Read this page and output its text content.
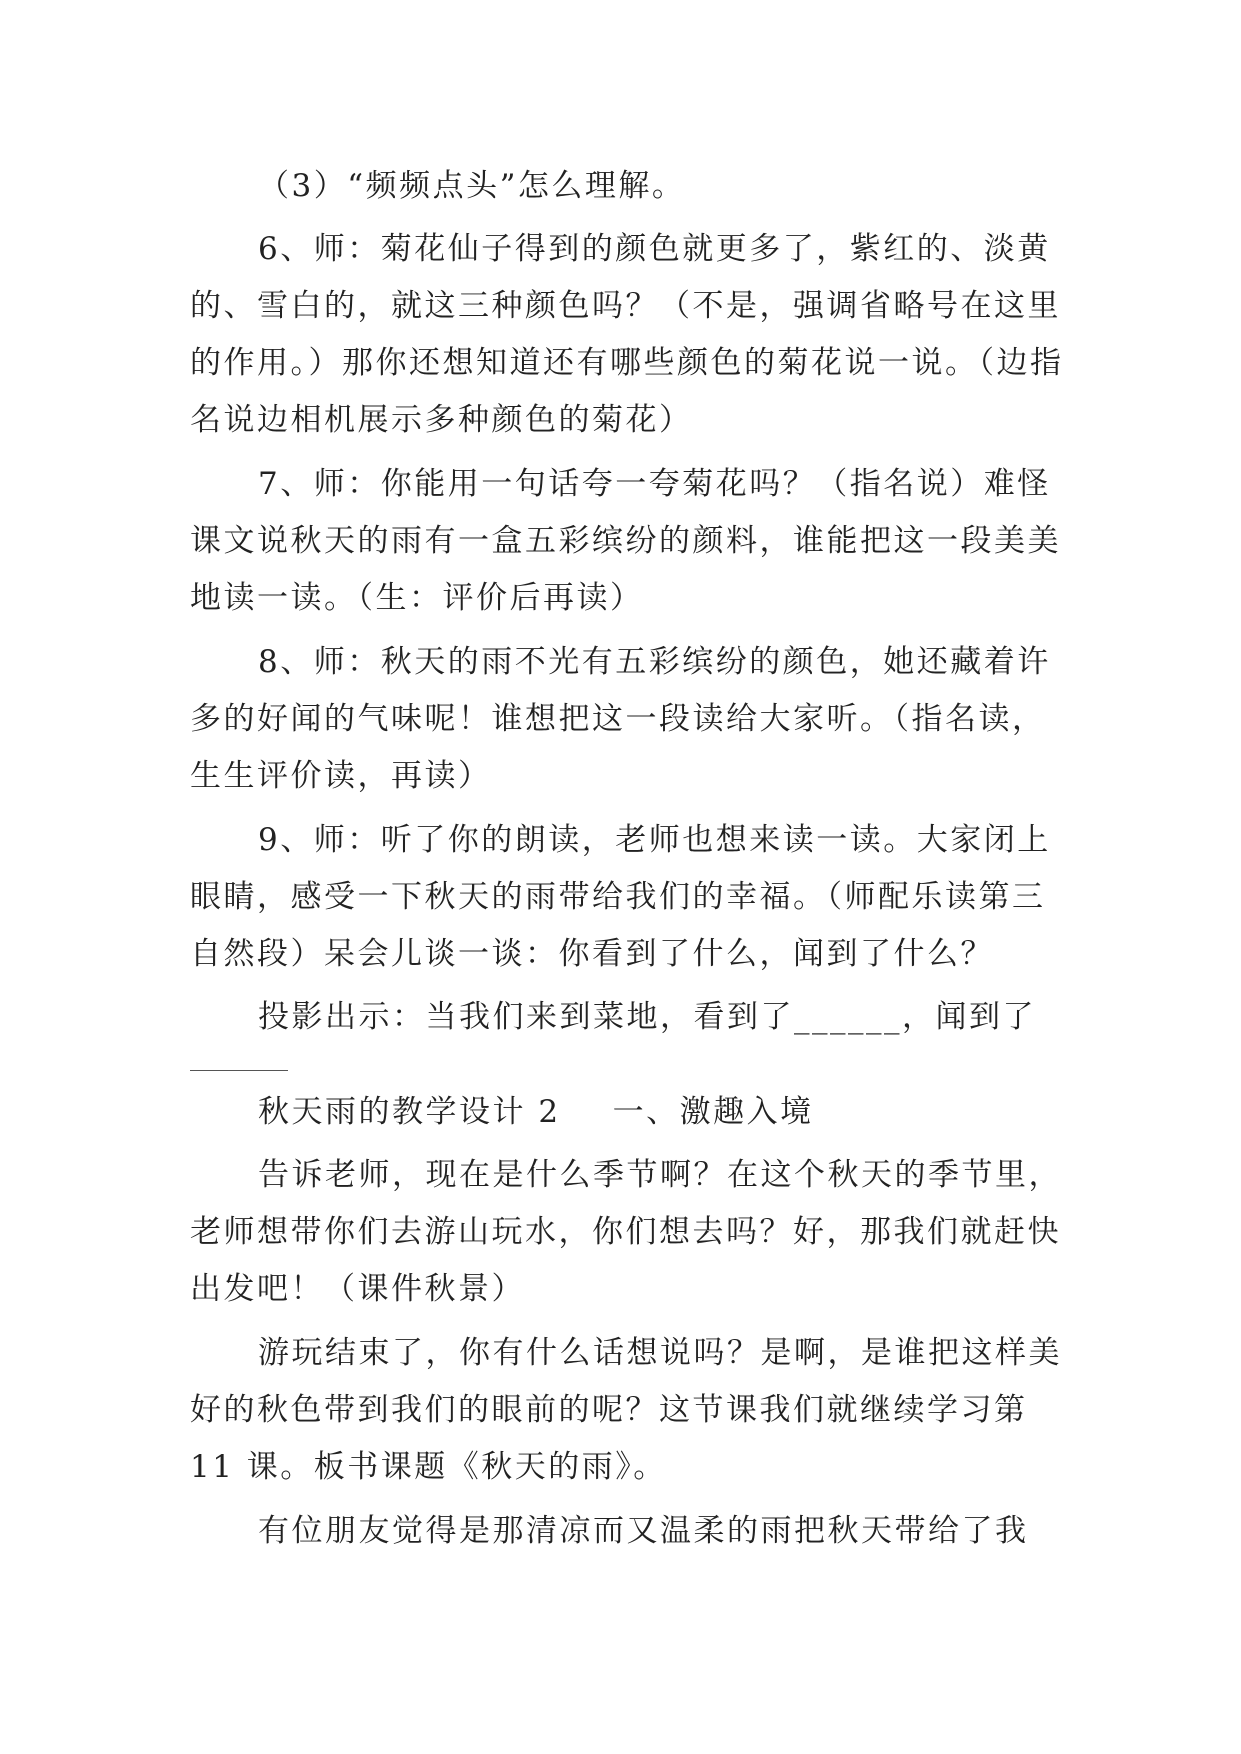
（3）“频频点头”怎么理解。
6、师：菊花仙子得到的颜色就更多了，紫红的、淡黄
的、雪白的，就这三种颜色吗？（不是，强调省略号在这里
的作用。）那你还想知道还有哪些颜色的菊花说一说。（边指
名说边相机展示多种颜色的菊花）
7、师：你能用一句话夸一夸菊花吗？（指名说）难怪
课文说秋天的雨有一盒五彩缤纷的颜料，谁能把这一段美美
地读一读。（生：评价后再读）
8、师：秋天的雨不光有五彩缤纷的颜色，她还藏着许
多的好闻的气味呢！谁想把这一段读给大家听。（指名读，
生生评价读，再读）
9、师：听了你的朗读，老师也想来读一读。大家闭上
眼睛，感受一下秋天的雨带给我们的幸福。（师配乐读第三
自然段）呆会儿谈一谈：你看到了什么，闻到了什么？
投影出示：当我们来到菜地，看到了______，闻到了
秋天雨的教学设计 2 一、激趣入境
告诉老师，现在是什么季节啊？在这个秋天的季节里，
老师想带你们去游山玩水，你们想去吗？好，那我们就赶快
出发吧！（课件秋景）
游玩结束了，你有什么话想说吗？是啊，是谁把这样美
好的秋色带到我们的眼前的呢？这节课我们就继续学习第
11 课。板书课题《秋天的雨》。
有位朋友觉得是那清凉而又温柔的雨把秋天带给了我
